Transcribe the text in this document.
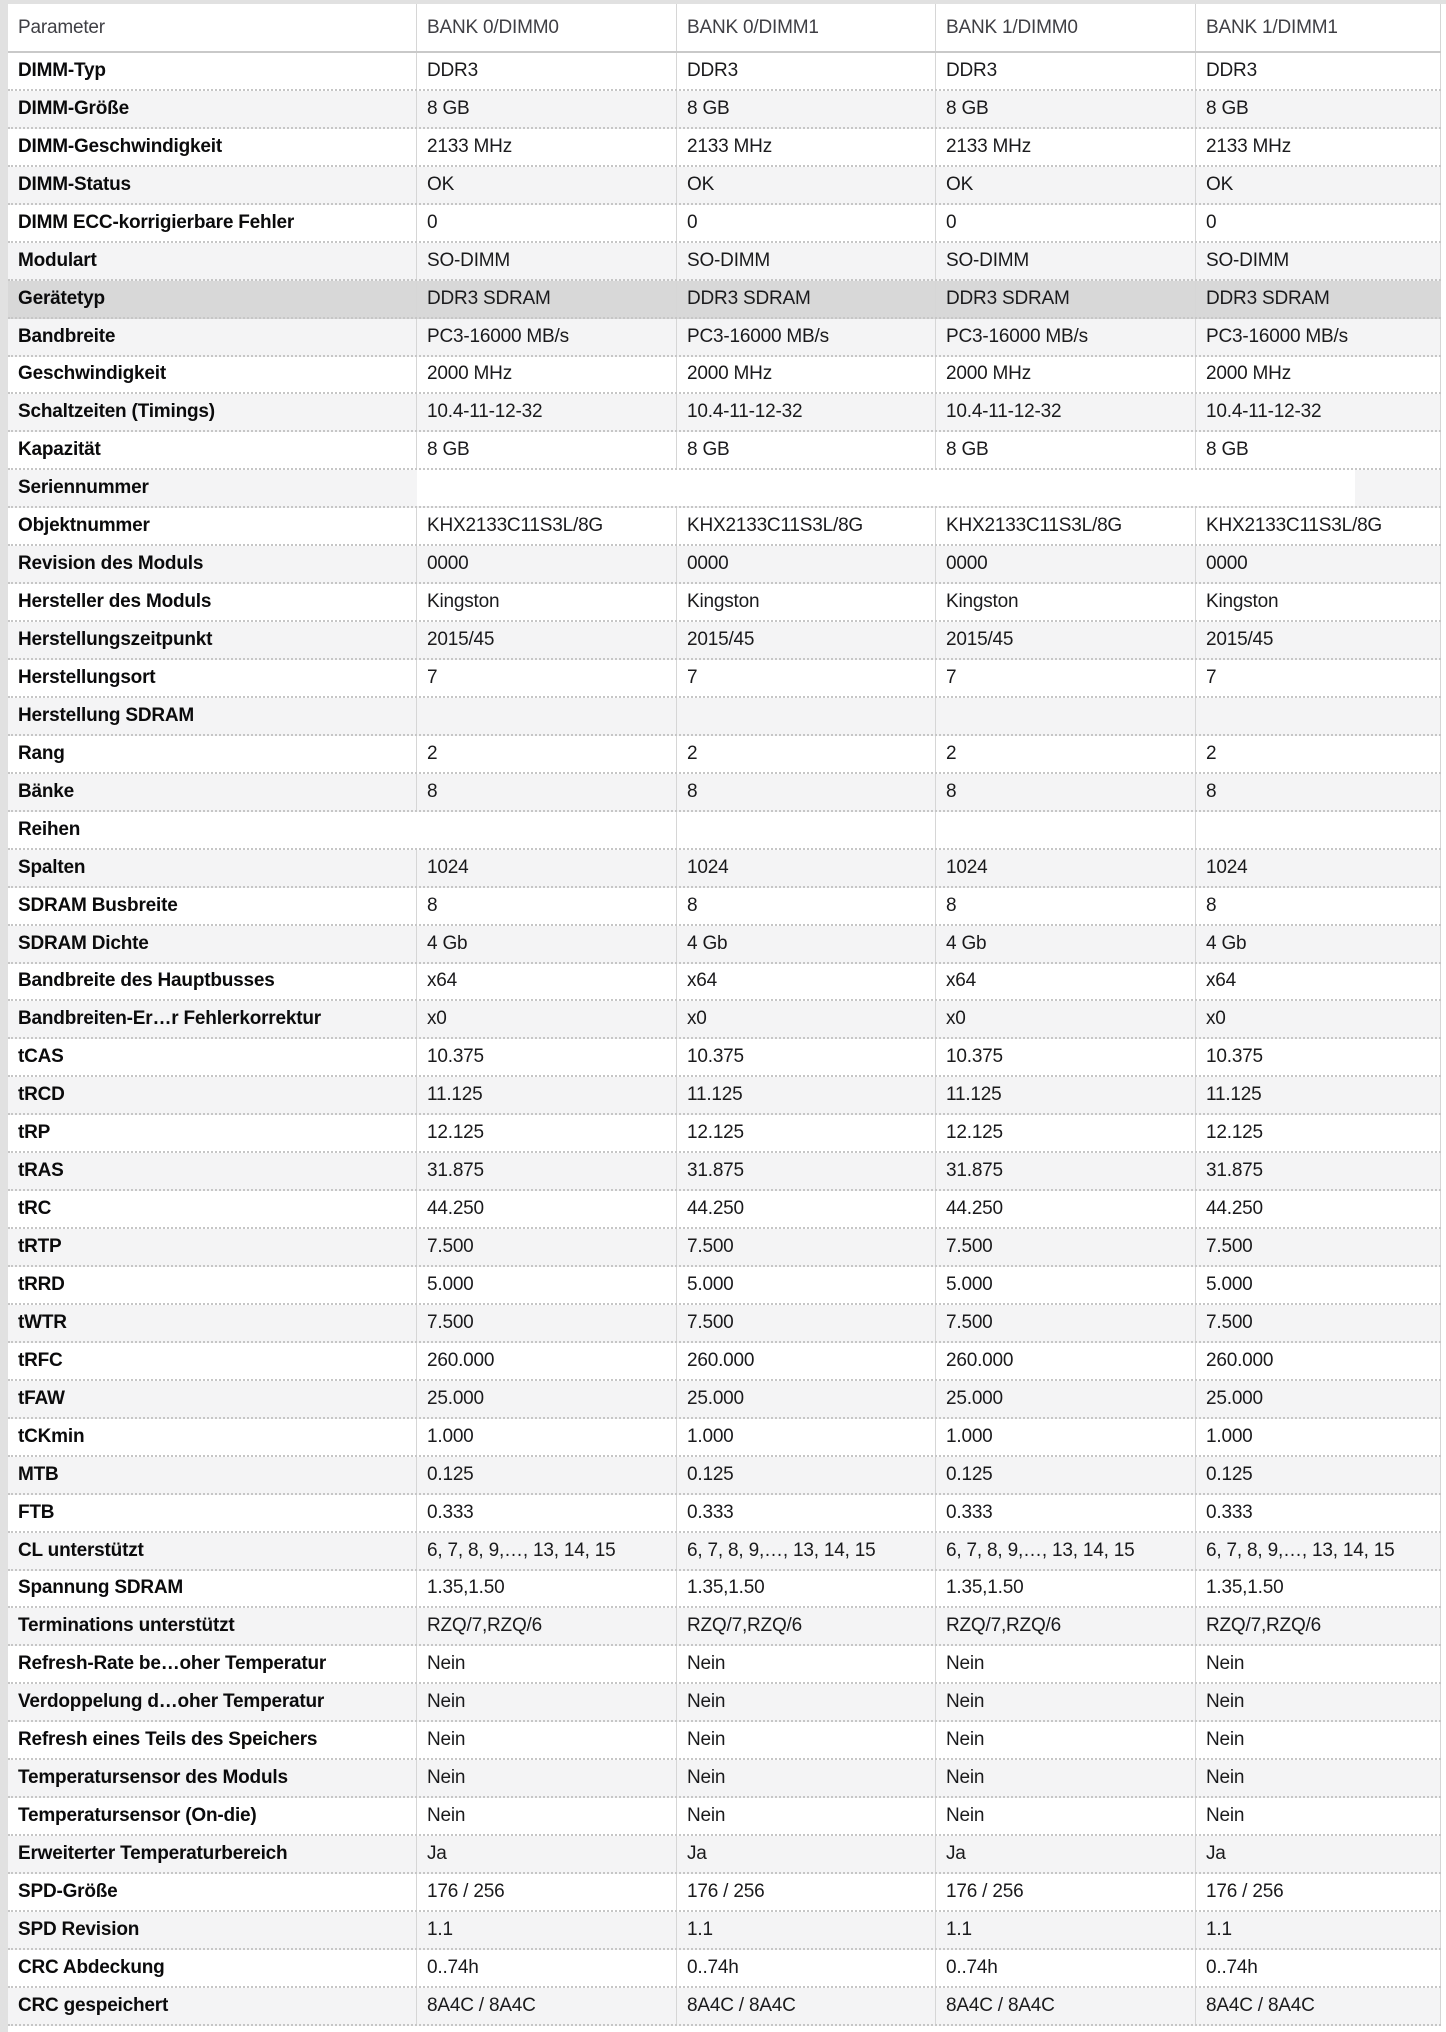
Parameter	BANK 0/DIMM0	BANK 0/DIMM1	BANK 1/DIMM0	BANK 1/DIMM1
DIMM-Typ	DDR3	DDR3	DDR3	DDR3
DIMM-Größe	8 GB	8 GB	8 GB	8 GB
DIMM-Geschwindigkeit	2133 MHz	2133 MHz	2133 MHz	2133 MHz
DIMM-Status	OK	OK	OK	OK
DIMM ECC-korrigierbare Fehler	0	0	0	0
Modulart	SO-DIMM	SO-DIMM	SO-DIMM	SO-DIMM
Gerätetyp	DDR3 SDRAM	DDR3 SDRAM	DDR3 SDRAM	DDR3 SDRAM
Bandbreite	PC3-16000 MB/s	PC3-16000 MB/s	PC3-16000 MB/s	PC3-16000 MB/s
Geschwindigkeit	2000 MHz	2000 MHz	2000 MHz	2000 MHz
Schaltzeiten (Timings)	10.4-11-12-32	10.4-11-12-32	10.4-11-12-32	10.4-11-12-32
Kapazität	8 GB	8 GB	8 GB	8 GB
Seriennummer
Objektnummer	KHX2133C11S3L/8G	KHX2133C11S3L/8G	KHX2133C11S3L/8G	KHX2133C11S3L/8G
Revision des Moduls	0000	0000	0000	0000
Hersteller des Moduls	Kingston	Kingston	Kingston	Kingston
Herstellungszeitpunkt	2015/45	2015/45	2015/45	2015/45
Herstellungsort	7	7	7	7
Herstellung SDRAM
Rang	2	2	2	2
Bänke	8	8	8	8
Reihen
Spalten	1024	1024	1024	1024
SDRAM Busbreite	8	8	8	8
SDRAM Dichte	4 Gb	4 Gb	4 Gb	4 Gb
Bandbreite des Hauptbusses	x64	x64	x64	x64
Bandbreiten-Er…r Fehlerkorrektur	x0	x0	x0	x0
tCAS	10.375	10.375	10.375	10.375
tRCD	11.125	11.125	11.125	11.125
tRP	12.125	12.125	12.125	12.125
tRAS	31.875	31.875	31.875	31.875
tRC	44.250	44.250	44.250	44.250
tRTP	7.500	7.500	7.500	7.500
tRRD	5.000	5.000	5.000	5.000
tWTR	7.500	7.500	7.500	7.500
tRFC	260.000	260.000	260.000	260.000
tFAW	25.000	25.000	25.000	25.000
tCKmin	1.000	1.000	1.000	1.000
MTB	0.125	0.125	0.125	0.125
FTB	0.333	0.333	0.333	0.333
CL unterstützt	6, 7, 8, 9,…, 13, 14, 15	6, 7, 8, 9,…, 13, 14, 15	6, 7, 8, 9,…, 13, 14, 15	6, 7, 8, 9,…, 13, 14, 15
Spannung SDRAM	1.35,1.50	1.35,1.50	1.35,1.50	1.35,1.50
Terminations unterstützt	RZQ/7,RZQ/6	RZQ/7,RZQ/6	RZQ/7,RZQ/6	RZQ/7,RZQ/6
Refresh-Rate be…oher Temperatur	Nein	Nein	Nein	Nein
Verdoppelung d…oher Temperatur	Nein	Nein	Nein	Nein
Refresh eines Teils des Speichers	Nein	Nein	Nein	Nein
Temperatursensor des Moduls	Nein	Nein	Nein	Nein
Temperatursensor (On-die)	Nein	Nein	Nein	Nein
Erweiterter Temperaturbereich	Ja	Ja	Ja	Ja
SPD-Größe	176 / 256	176 / 256	176 / 256	176 / 256
SPD Revision	1.1	1.1	1.1	1.1
CRC Abdeckung	0..74h	0..74h	0..74h	0..74h
CRC gespeichert	8A4C / 8A4C	8A4C / 8A4C	8A4C / 8A4C	8A4C / 8A4C
